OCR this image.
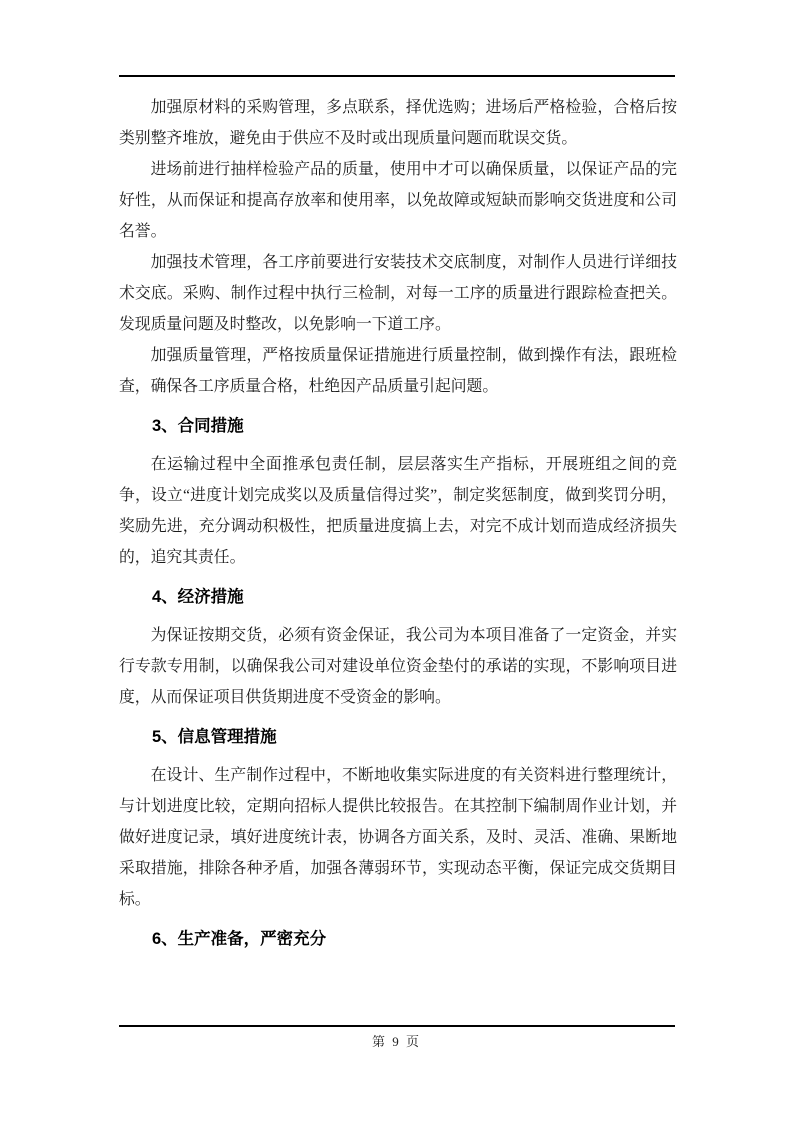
加强原材料的采购管理，多点联系，择优选购；进场后严格检验，合格后按类别整齐堆放，避免由于供应不及时或出现质量问题而耽误交货。

进场前进行抽样检验产品的质量，使用中才可以确保质量，以保证产品的完好性，从而保证和提高存放率和使用率，以免故障或短缺而影响交货进度和公司名誉。

加强技术管理，各工序前要进行安装技术交底制度，对制作人员进行详细技术交底。采购、制作过程中执行三检制，对每一工序的质量进行跟踪检查把关。发现质量问题及时整改，以免影响一下道工序。

加强质量管理，严格按质量保证措施进行质量控制，做到操作有法，跟班检查，确保各工序质量合格，杜绝因产品质量引起问题。

3、合同措施

在运输过程中全面推承包责任制，层层落实生产指标，开展班组之间的竞争，设立“进度计划完成奖以及质量信得过奖”，制定奖惩制度，做到奖罚分明，奖励先进，充分调动积极性，把质量进度搞上去，对完不成计划而造成经济损失的，追究其责任。

4、经济措施

为保证按期交货，必须有资金保证，我公司为本项目准备了一定资金，并实行专款专用制，以确保我公司对建设单位资金垫付的承诺的实现，不影响项目进度，从而保证项目供货期进度不受资金的影响。

5、信息管理措施

在设计、生产制作过程中，不断地收集实际进度的有关资料进行整理统计，与计划进度比较，定期向招标人提供比较报告。在其控制下编制周作业计划，并做好进度记录，填好进度统计表，协调各方面关系，及时、灵活、准确、果断地采取措施，排除各种矛盾，加强各薄弱环节，实现动态平衡，保证完成交货期目标。

6、生产准备，严密充分
第 9 页
